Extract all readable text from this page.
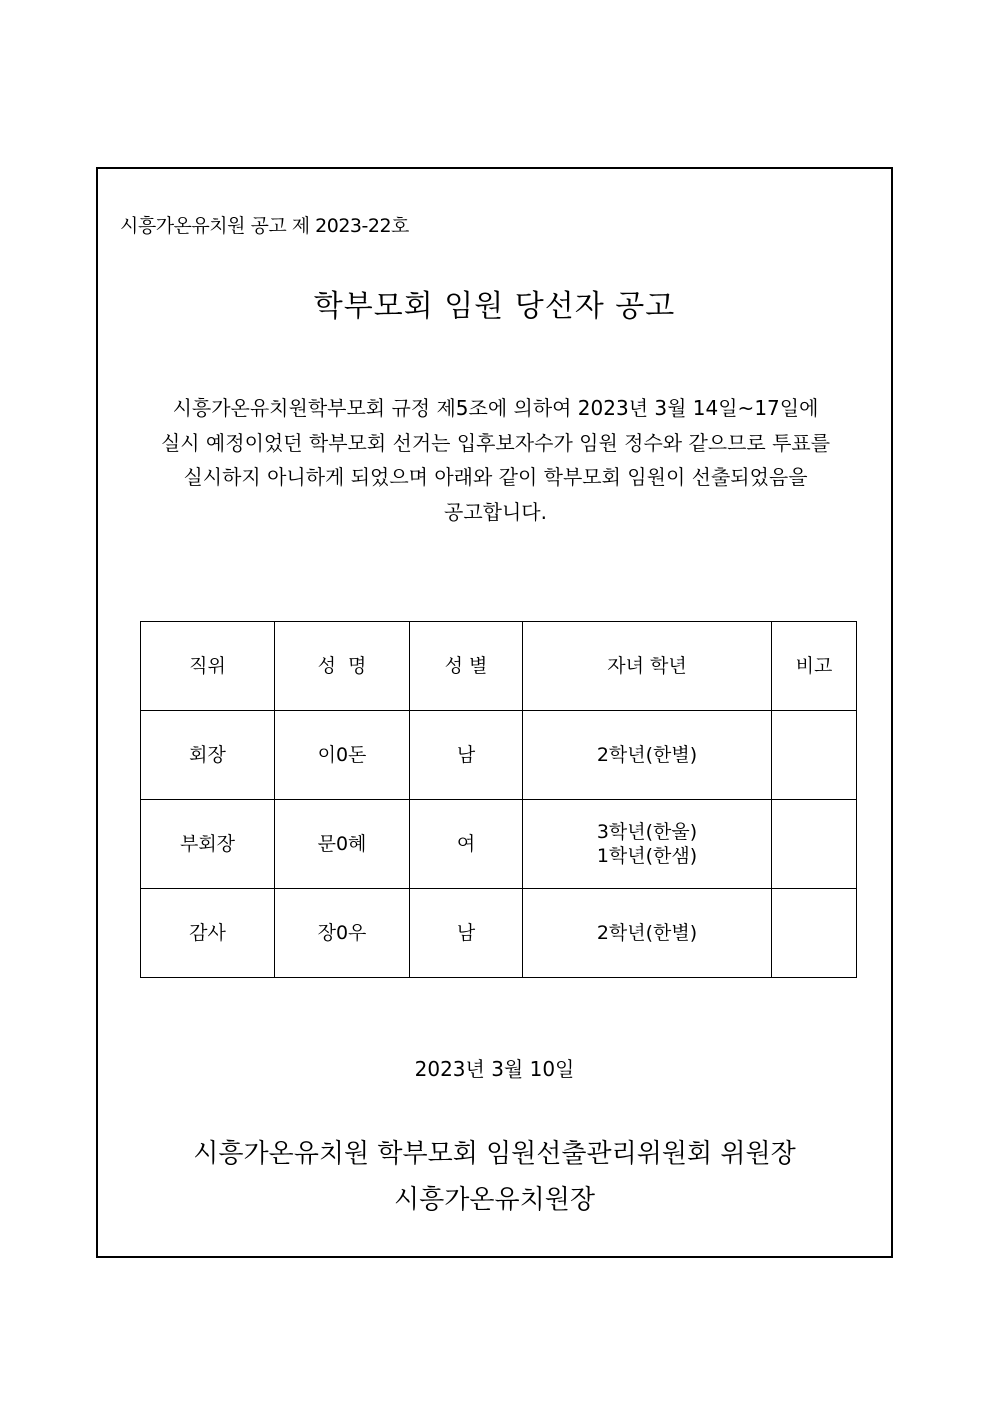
시흥가온유치원 공고 제 2023-22호
학부모회 임원 당선자 공고
시흥가온유치원학부모회 규정 제5조에 의하여 2023년 3월 14일~17일에
실시 예정이었던 학부모회 선거는 입후보자수가 임원 정수와 같으므로 투표를
실시하지 아니하게 되었으며 아래와 같이 학부모회 임원이 선출되었음을
공고합니다.
직위	성  명	성 별	자녀 학년	비고
회장	이0돈	남	2학년(한별)	

부회장	문0혜	여	3학년(한울)
1학년(한샘)	

감사	장0우	남	2학년(한별)	

2023년 3월 10일
시흥가온유치원 학부모회 임원선출관리위원회 위원장
시흥가온유치원장
